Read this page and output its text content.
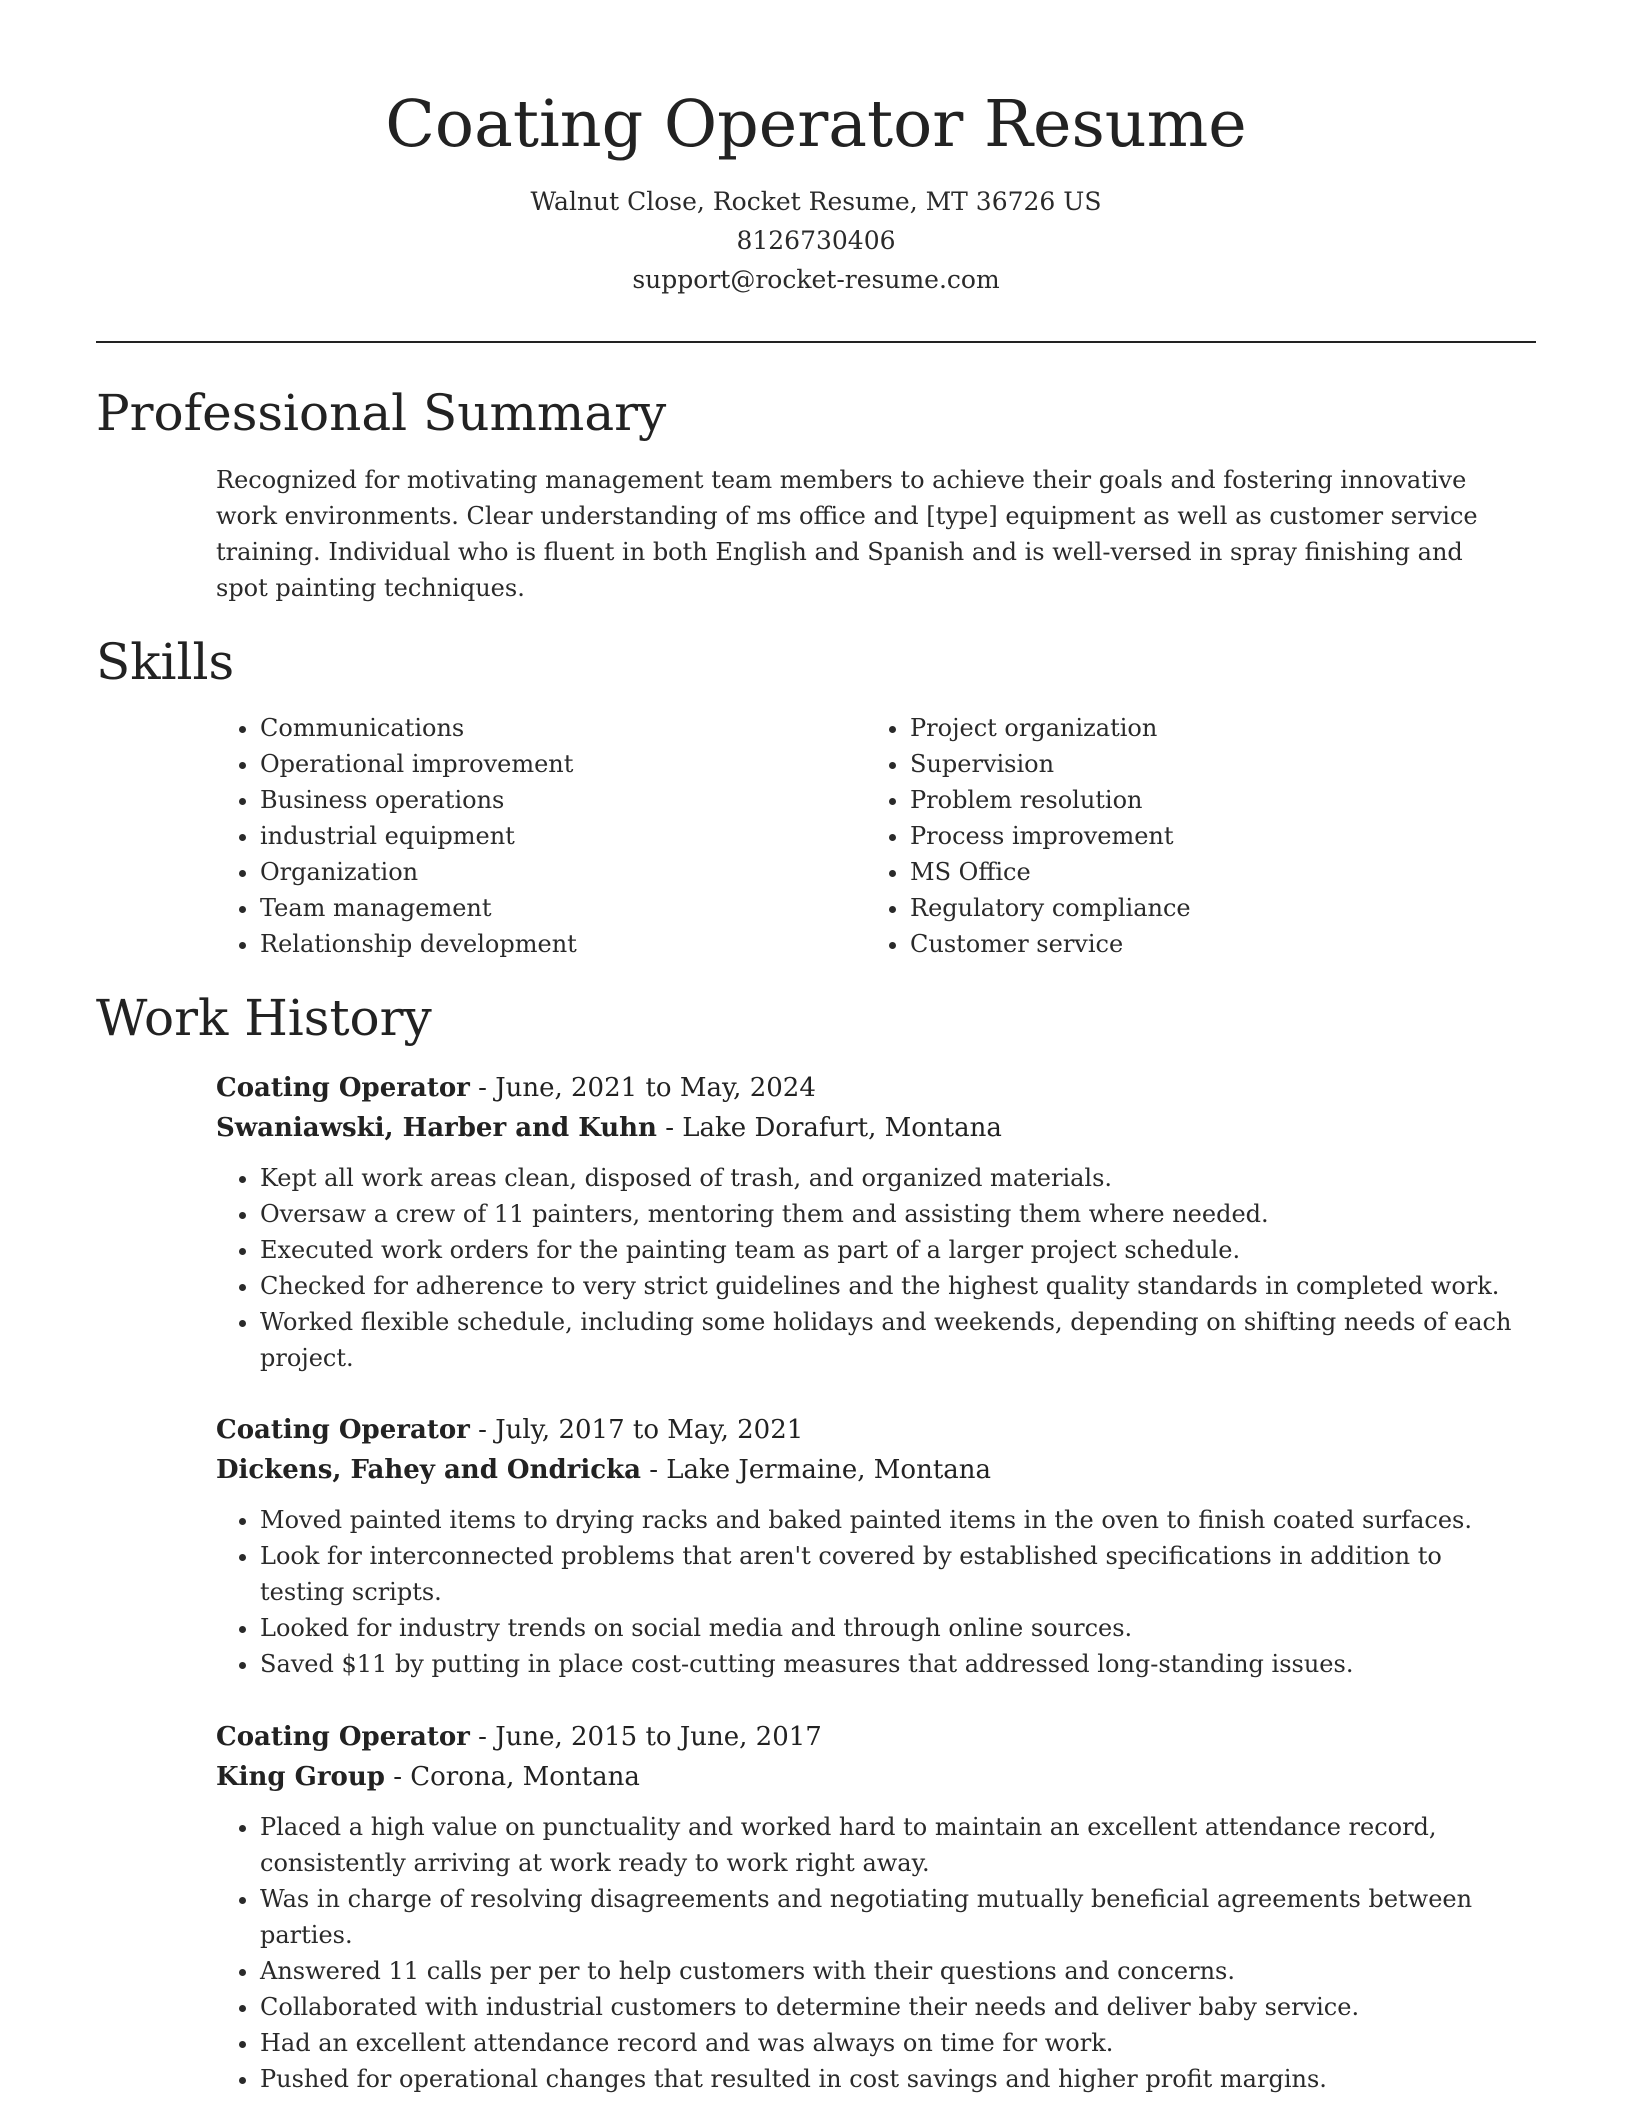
Coating Operator Resume
Walnut Close, Rocket Resume, MT 36726 US
8126730406
support@rocket-resume.com
Professional Summary
Recognized for motivating management team members to achieve their goals and fostering innovative work environments. Clear understanding of ms office and [type] equipment as well as customer service training. Individual who is fluent in both English and Spanish and is well-versed in spray finishing and spot painting techniques.
Skills
• Communications
• Operational improvement
• Business operations
• industrial equipment
• Organization
• Team management
• Relationship development
• Project organization
• Supervision
• Problem resolution
• Process improvement
• MS Office
• Regulatory compliance
• Customer service
Work History
Coating Operator - June, 2021 to May, 2024
Swaniawski, Harber and Kuhn - Lake Dorafurt, Montana
• Kept all work areas clean, disposed of trash, and organized materials.
• Oversaw a crew of 11 painters, mentoring them and assisting them where needed.
• Executed work orders for the painting team as part of a larger project schedule.
• Checked for adherence to very strict guidelines and the highest quality standards in completed work.
• Worked flexible schedule, including some holidays and weekends, depending on shifting needs of each project.
Coating Operator - July, 2017 to May, 2021
Dickens, Fahey and Ondricka - Lake Jermaine, Montana
• Moved painted items to drying racks and baked painted items in the oven to finish coated surfaces.
• Look for interconnected problems that aren't covered by established specifications in addition to testing scripts.
• Looked for industry trends on social media and through online sources.
• Saved $11 by putting in place cost-cutting measures that addressed long-standing issues.
Coating Operator - June, 2015 to June, 2017
King Group - Corona, Montana
• Placed a high value on punctuality and worked hard to maintain an excellent attendance record, consistently arriving at work ready to work right away.
• Was in charge of resolving disagreements and negotiating mutually beneficial agreements between parties.
• Answered 11 calls per per to help customers with their questions and concerns.
• Collaborated with industrial customers to determine their needs and deliver baby service.
• Had an excellent attendance record and was always on time for work.
• Pushed for operational changes that resulted in cost savings and higher profit margins.
